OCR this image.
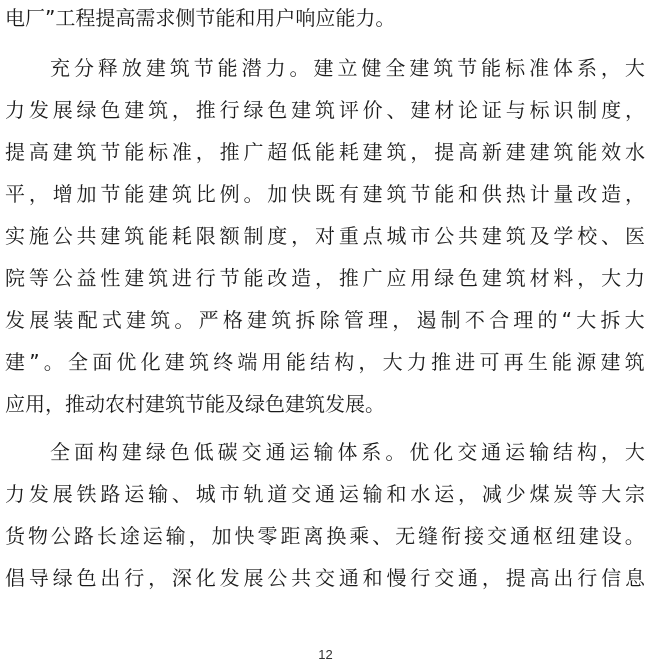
电厂”工程提高需求侧节能和用户响应能力。
充 分 释 放 建 筑 节 能 潜 力 。 建 立 健 全 建 筑 节 能 标 准 体 系 ， 大
力 发 展 绿 色 建 筑 ， 推 行 绿 色 建 筑 评 价 、 建 材 论 证 与 标 识 制 度 ，
提 高 建 筑 节 能 标 准 ， 推 广 超 低 能 耗 建 筑 ， 提 高 新 建 建 筑 能 效 水
平 ， 增 加 节 能 建 筑 比 例 。 加 快 既 有 建 筑 节 能 和 供 热 计 量 改 造 ，
实 施 公 共 建 筑 能 耗 限 额 制 度 ， 对 重 点 城 市 公 共 建 筑 及 学 校 、 医
院 等 公 益 性 建 筑 进 行 节 能 改 造 ， 推 广 应 用 绿 色 建 筑 材 料 ， 大 力
发 展 装 配 式 建 筑 。 严 格 建 筑 拆 除 管 理 ， 遏 制 不 合 理 的 “ 大 拆 大
建 ” 。 全 面 优 化 建 筑 终 端 用 能 结 构 ， 大 力 推 进 可 再 生 能 源 建 筑
应用，推动农村建筑节能及绿色建筑发展。
全 面 构 建 绿 色 低 碳 交 通 运 输 体 系 。 优 化 交 通 运 输 结 构 ， 大
力 发 展 铁 路 运 输 、 城 市 轨 道 交 通 运 输 和 水 运 ， 减 少 煤 炭 等 大 宗
货 物 公 路 长 途 运 输 ， 加 快 零 距 离 换 乘 、 无 缝 衔 接 交 通 枢 纽 建 设 。
倡 导 绿 色 出 行 ， 深 化 发 展 公 共 交 通 和 慢 行 交 通 ， 提 高 出 行 信 息
12
